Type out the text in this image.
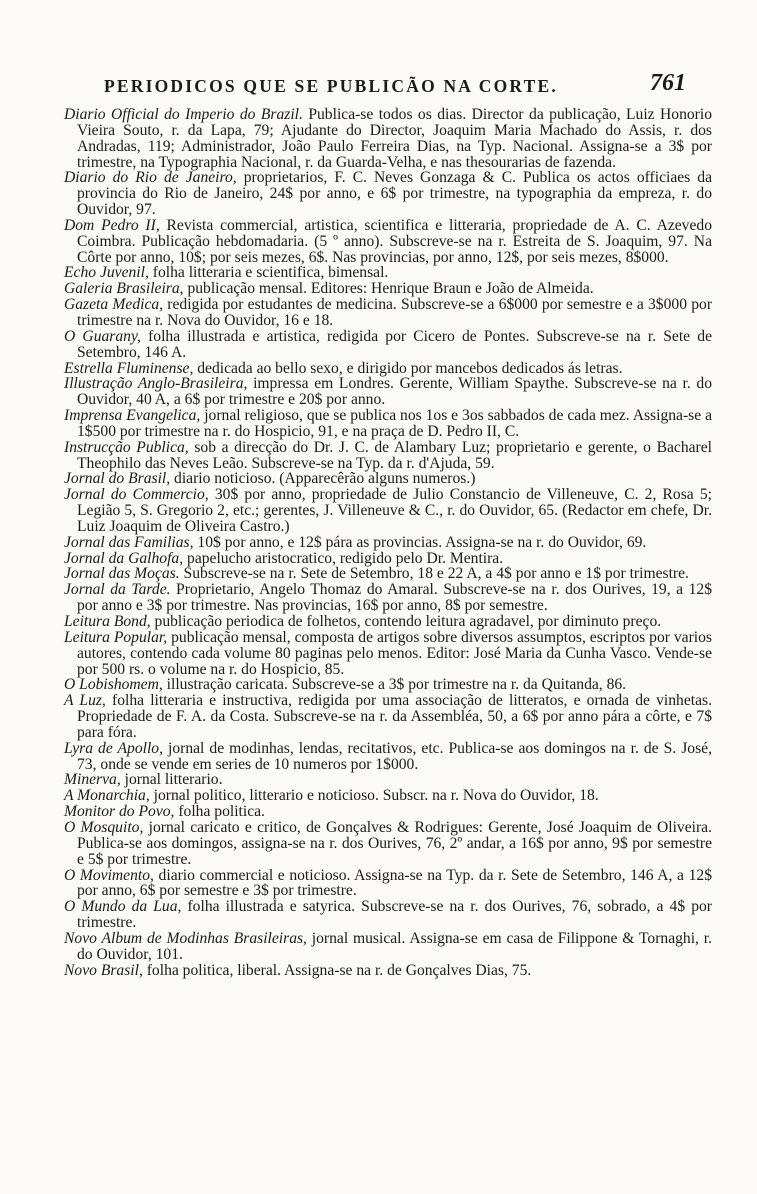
PERIODICOS QUE SE PUBLICÃO NA CORTE.	761

Diario Official do Imperio do Brazil. Publica-se todos os dias. Director da publicação, Luiz Honorio Vieira Souto, r. da Lapa, 79; Ajudante do Director, Joaquim Maria Machado do Assis, r. dos Andradas, 119; Administrador, João Paulo Ferreira Dias, na Typ. Nacional. Assigna-se a 3$ por trimestre, na Typographia Nacional, r. da Guarda-Velha, e nas thesourarias de fazenda.

Diario do Rio de Janeiro, proprietarios, F. C. Neves Gonzaga & C. Publica os actos officiaes da provincia do Rio de Janeiro, 24$ por anno, e 6$ por trimestre, na typographia da empreza, r. do Ouvidor, 97.

Dom Pedro II, Revista commercial, artistica, scientifica e litteraria, propriedade de A. C. Azevedo Coimbra. Publicação hebdomadaria. (5 º anno). Subscreve-se na r. Estreita de S. Joaquim, 97. Na Côrte por anno, 10$; por seis mezes, 6$. Nas provincias, por anno, 12$, por seis mezes, 8$000.

Echo Juvenil, folha litteraria e scientifica, bimensal.

Galeria Brasileira, publicação mensal. Editores: Henrique Braun e João de Almeida.

Gazeta Medica, redigida por estudantes de medicina. Subscreve-se a 6$000 por semestre e a 3$000 por trimestre na r. Nova do Ouvidor, 16 e 18.

O Guarany, folha illustrada e artistica, redigida por Cicero de Pontes. Subscreve-se na r. Sete de Setembro, 146 A.

Estrella Fluminense, dedicada ao bello sexo, e dirigido por mancebos dedicados ás letras.

Illustração Anglo-Brasileira, impressa em Londres. Gerente, William Spaythe. Subscreve-se na r. do Ouvidor, 40 A, a 6$ por trimestre e 20$ por anno.

Imprensa Evangelica, jornal religioso, que se publica nos 1os e 3os sabbados de cada mez. Assigna-se a 1$500 por trimestre na r. do Hospicio, 91, e na praça de D. Pedro II, C.

Instrucção Publica, sob a direcção do Dr. J. C. de Alambary Luz; proprietario e gerente, o Bacharel Theophilo das Neves Leão. Subscreve-se na Typ. da r. d'Ajuda, 59.

Jornal do Brasil, diario noticioso. (Apparecêrão alguns numeros.)

Jornal do Commercio, 30$ por anno, propriedade de Julio Constancio de Villeneuve, C. 2, Rosa 5; Legião 5, S. Gregorio 2, etc.; gerentes, J. Villeneuve & C., r. do Ouvidor, 65. (Redactor em chefe, Dr. Luiz Joaquim de Oliveira Castro.)

Jornal das Familias, 10$ por anno, e 12$ pára as provincias. Assigna-se na r. do Ouvidor, 69.

Jornal da Galhofa, papelucho aristocratico, redigido pelo Dr. Mentira.

Jornal das Moças. Subscreve-se na r. Sete de Setembro, 18 e 22 A, a 4$ por anno e 1$ por trimestre.

Jornal da Tarde. Proprietario, Angelo Thomaz do Amaral. Subscreve-se na r. dos Ourives, 19, a 12$ por anno e 3$ por trimestre. Nas provincias, 16$ por anno, 8$ por semestre.

Leitura Bond, publicação periodica de folhetos, contendo leitura agradavel, por diminuto preço.

Leitura Popular, publicação mensal, composta de artigos sobre diversos assumptos, escriptos por varios autores, contendo cada volume 80 paginas pelo menos. Editor: José Maria da Cunha Vasco. Vende-se por 500 rs. o volume na r. do Hospicio, 85.

O Lobishomem, illustração caricata. Subscreve-se a 3$ por trimestre na r. da Quitanda, 86.

A Luz, folha litteraria e instructiva, redigida por uma associação de litteratos, e ornada de vinhetas. Propriedade de F. A. da Costa. Subscreve-se na r. da Assembléa, 50, a 6$ por anno pára a côrte, e 7$ para fóra.

Lyra de Apollo, jornal de modinhas, lendas, recitativos, etc. Publica-se aos domingos na r. de S. José, 73, onde se vende em series de 10 numeros por 1$000.

Minerva, jornal litterario.

A Monarchia, jornal politico, litterario e noticioso. Subscr. na r. Nova do Ouvidor, 18.

Monitor do Povo, folha politica.

O Mosquito, jornal caricato e critico, de Gonçalves & Rodrigues: Gerente, José Joaquim de Oliveira. Publica-se aos domingos, assigna-se na r. dos Ourives, 76, 2º andar, a 16$ por anno, 9$ por semestre e 5$ por trimestre.

O Movimento, diario commercial e noticioso. Assigna-se na Typ. da r. Sete de Setembro, 146 A, a 12$ por anno, 6$ por semestre e 3$ por trimestre.

O Mundo da Lua, folha illustrada e satyrica. Subscreve-se na r. dos Ourives, 76, sobrado, a 4$ por trimestre.

Novo Album de Modinhas Brasileiras, jornal musical. Assigna-se em casa de Filippone & Tornaghi, r. do Ouvidor, 101.

Novo Brasil, folha politica, liberal. Assigna-se na r. de Gonçalves Dias, 75.
